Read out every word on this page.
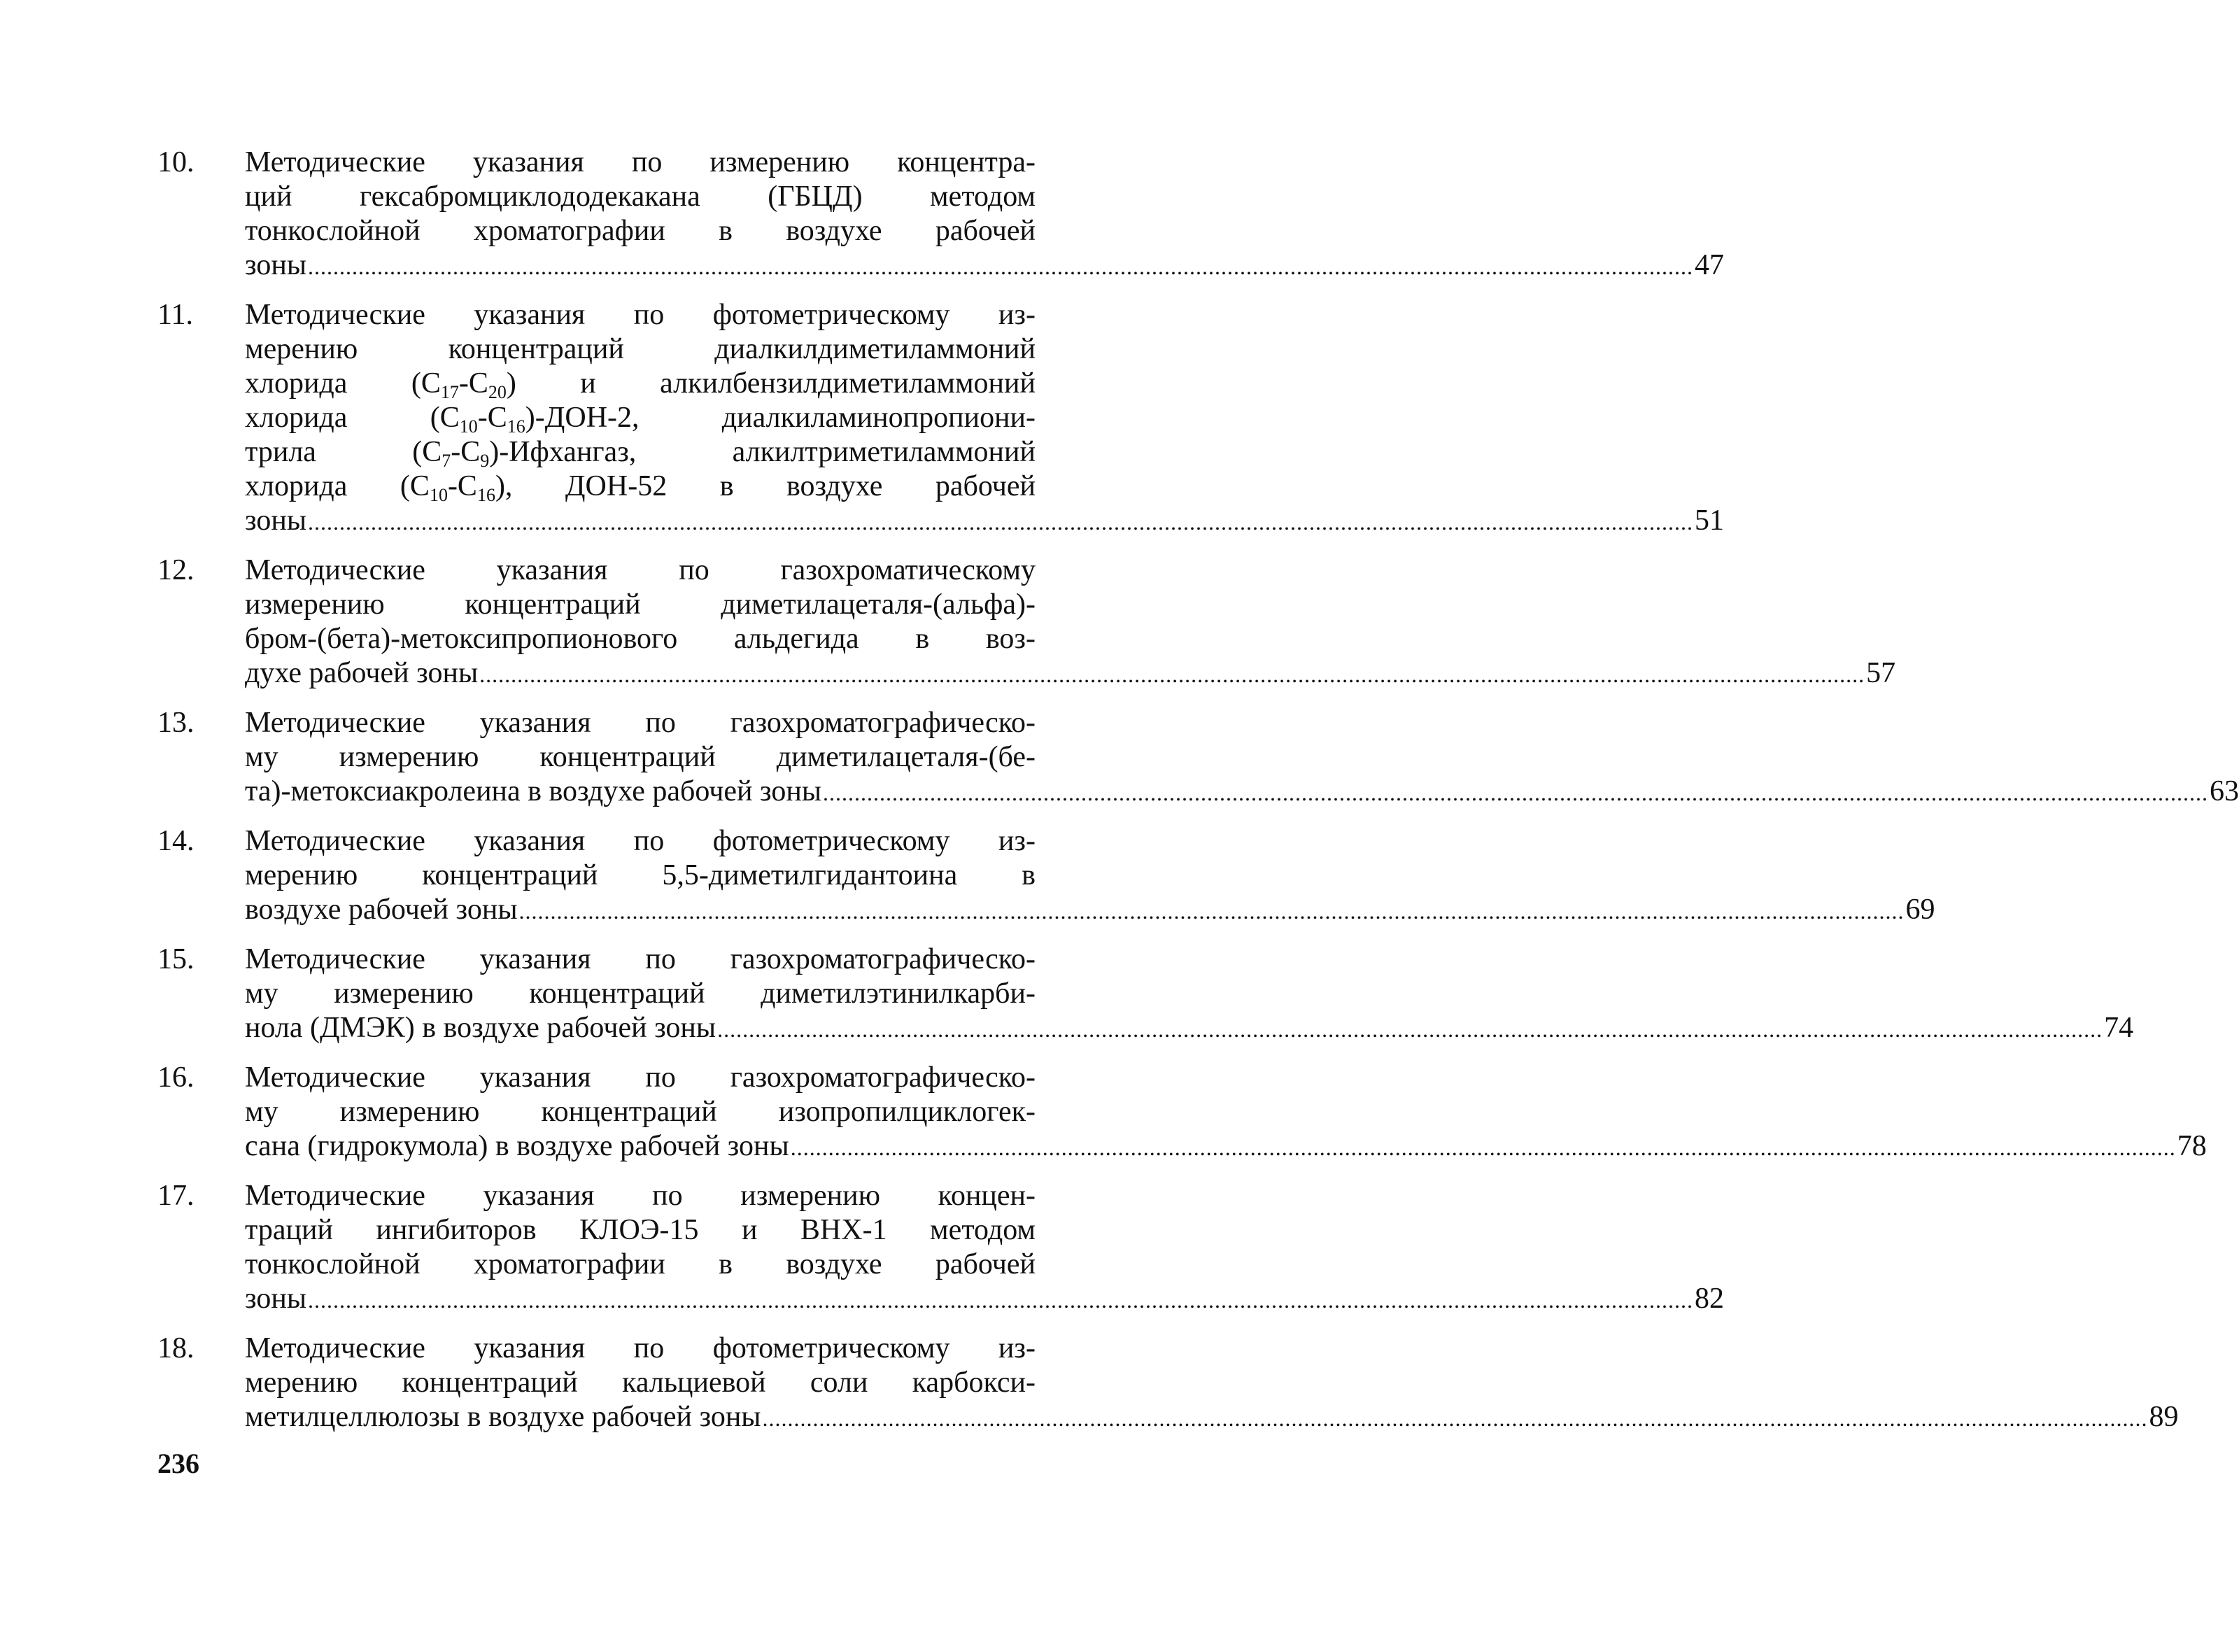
10. Методические указания по измерению концентра-
ций гексабромциклододекакана (ГБЦД) методом
тонкослойной хроматографии в воздухе рабочей
зоны ............................................................................................................................................................................................................................ 47
11. Методические указания по фотометрическому из-
мерению концентраций диалкилдиметиламмоний
хлорида $(C_{17}-C_{20})$ и алкилбензилдиметиламмоний
хлорида $(C_{10}-C_{16})-ДОН-2$, диалкиламинопропиони-
трила $(C_7-C_9)$-Ифхангаз, алкилтриметиламмоний
хлорида $(C_{10}-C_{16})$, ДОН-52 в воздухе рабочей
зоны ............................................................................................................................................................................................................................ 51
12. Методические указания по газохроматическому
измерению концентраций диметилацеталя-(альфа)-
бром-(бета)-метоксипропионового альдегида в воз-
духе рабочей зоны ............................................................................................................................................................................................................................ 57
13. Методические указания по газохроматографическо-
му измерению концентраций диметилацеталя-(бе-
та)-метоксиакролеина в воздухе рабочей зоны ............................................................................................................................................................................................................................ 63
14. Методические указания по фотометрическому из-
мерению концентраций 5,5-диметилгидантоина в
воздухе рабочей зоны ............................................................................................................................................................................................................................ 69
15. Методические указания по газохроматографическо-
му измерению концентраций диметилэтинилкарби-
нола (ДМЭК) в воздухе рабочей зоны ............................................................................................................................................................................................................................ 74
16. Методические указания по газохроматографическо-
му измерению концентраций изопропилциклогек-
сана (гидрокумола) в воздухе рабочей зоны ............................................................................................................................................................................................................................ 78
17. Методические указания по измерению концен-
траций ингибиторов КЛОЭ-15 и ВНХ-1 методом
тонкослойной хроматографии в воздухе рабочей
зоны ............................................................................................................................................................................................................................ 82
18. Методические указания по фотометрическому из-
мерению концентраций кальциевой соли карбокси-
метилцеллюлозы в воздухе рабочей зоны ............................................................................................................................................................................................................................ 89
236
